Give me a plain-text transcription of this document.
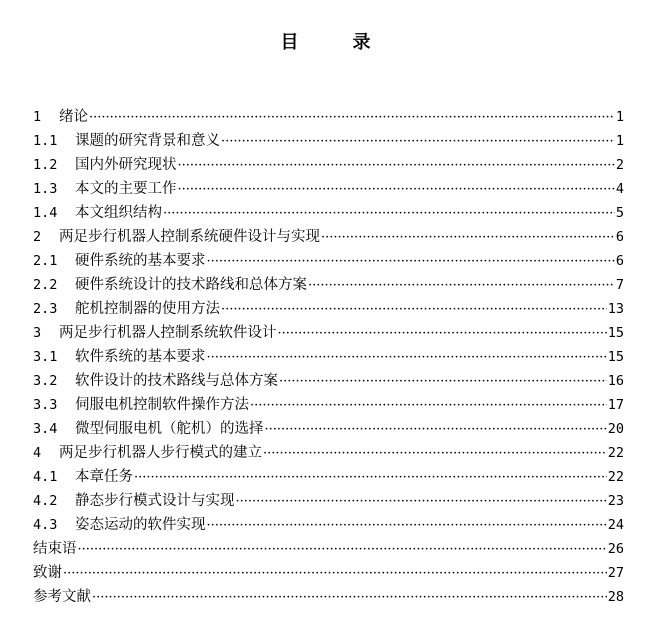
目　录
1	绪论 ·····	1
1.1	课题的研究背景和意义 ·····	1
1.2	国内外研究现状 ·····	2
1.3	本文的主要工作 ·····	4
1.4	本文组织结构 ·····	5
2	两足步行机器人控制系统硬件设计与实现 ·····	6
2.1	硬件系统的基本要求 ·····	6
2.2	硬件系统设计的技术路线和总体方案 ·····	7
2.3	舵机控制器的使用方法 ·····	13
3	两足步行机器人控制系统软件设计 ·····	15
3.1	软件系统的基本要求 ·····	15
3.2	软件设计的技术路线与总体方案 ·····	16
3.3	伺服电机控制软件操作方法 ·····	17
3.4	微型伺服电机（舵机）的选择 ·····	20
4	两足步行机器人步行模式的建立 ·····	22
4.1	本章任务 ·····	22
4.2	静态步行模式设计与实现 ·····	23
4.3	姿态运动的软件实现 ·····	24
结束语 ·····	26
致谢 ·····	27
参考文献 ·····	28
